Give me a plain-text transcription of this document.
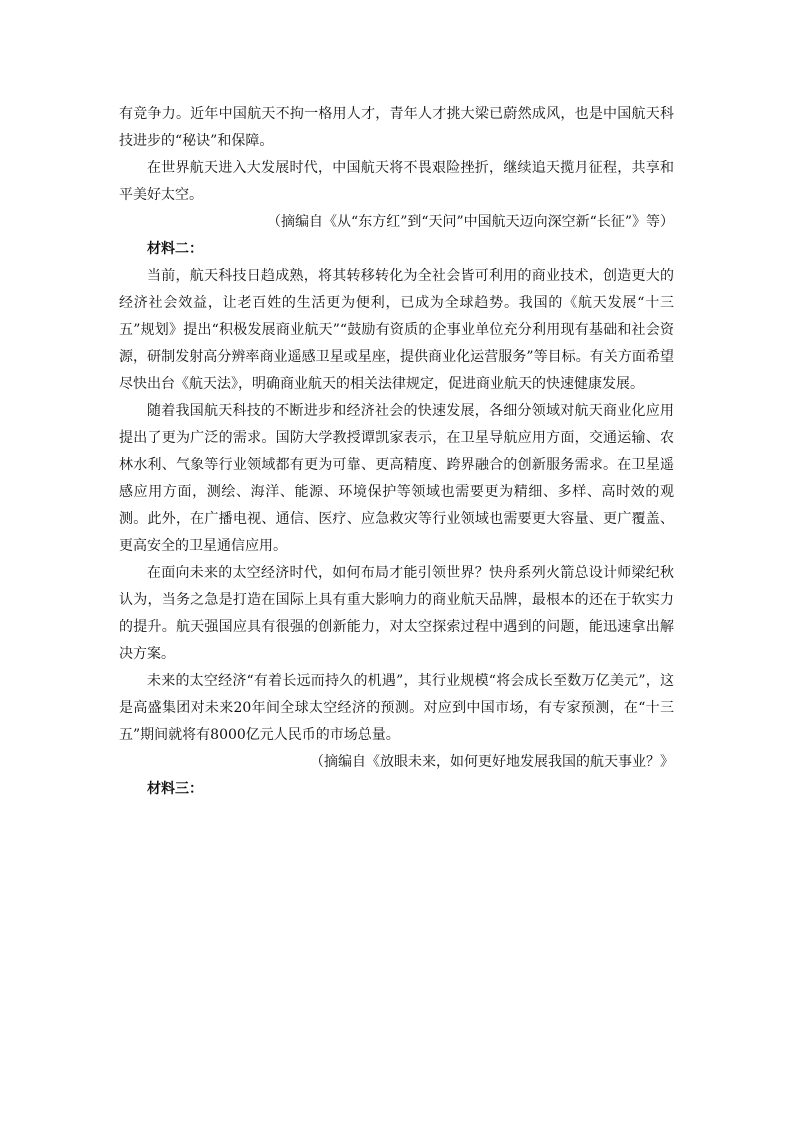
有竞争力。近年中国航天不拘一格用人才，青年人才挑大梁已蔚然成风，也是中国航天科技进步的“秘诀”和保障。

在世界航天进入大发展时代，中国航天将不畏艰险挫折，继续追天揽月征程，共享和平美好太空。

（摘编自《从“东方红”到“天问”中国航天迈向深空新“长征”》等）

材料二：

当前，航天科技日趋成熟，将其转移转化为全社会皆可利用的商业技术，创造更大的经济社会效益，让老百姓的生活更为便利，已成为全球趋势。我国的《航天发展“十三五”规划》提出“积极发展商业航天”“鼓励有资质的企事业单位充分利用现有基础和社会资源，研制发射高分辨率商业遥感卫星或星座，提供商业化运营服务”等目标。有关方面希望尽快出台《航天法》，明确商业航天的相关法律规定，促进商业航天的快速健康发展。

随着我国航天科技的不断进步和经济社会的快速发展，各细分领域对航天商业化应用提出了更为广泛的需求。国防大学教授谭凯家表示，在卫星导航应用方面，交通运输、农林水利、气象等行业领域都有更为可靠、更高精度、跨界融合的创新服务需求。在卫星遥感应用方面，测绘、海洋、能源、环境保护等领域也需要更为精细、多样、高时效的观测。此外，在广播电视、通信、医疗、应急救灾等行业领域也需要更大容量、更广覆盖、更高安全的卫星通信应用。

在面向未来的太空经济时代，如何布局才能引领世界？快舟系列火箭总设计师梁纪秋认为，当务之急是打造在国际上具有重大影响力的商业航天品牌，最根本的还在于软实力的提升。航天强国应具有很强的创新能力，对太空探索过程中遇到的问题，能迅速拿出解决方案。

未来的太空经济“有着长远而持久的机遇”，其行业规模“将会成长至数万亿美元”，这是高盛集团对未来20年间全球太空经济的预测。对应到中国市场，有专家预测，在“十三五”期间就将有8000亿元人民币的市场总量。

（摘编自《放眼未来，如何更好地发展我国的航天事业？》

材料三：
